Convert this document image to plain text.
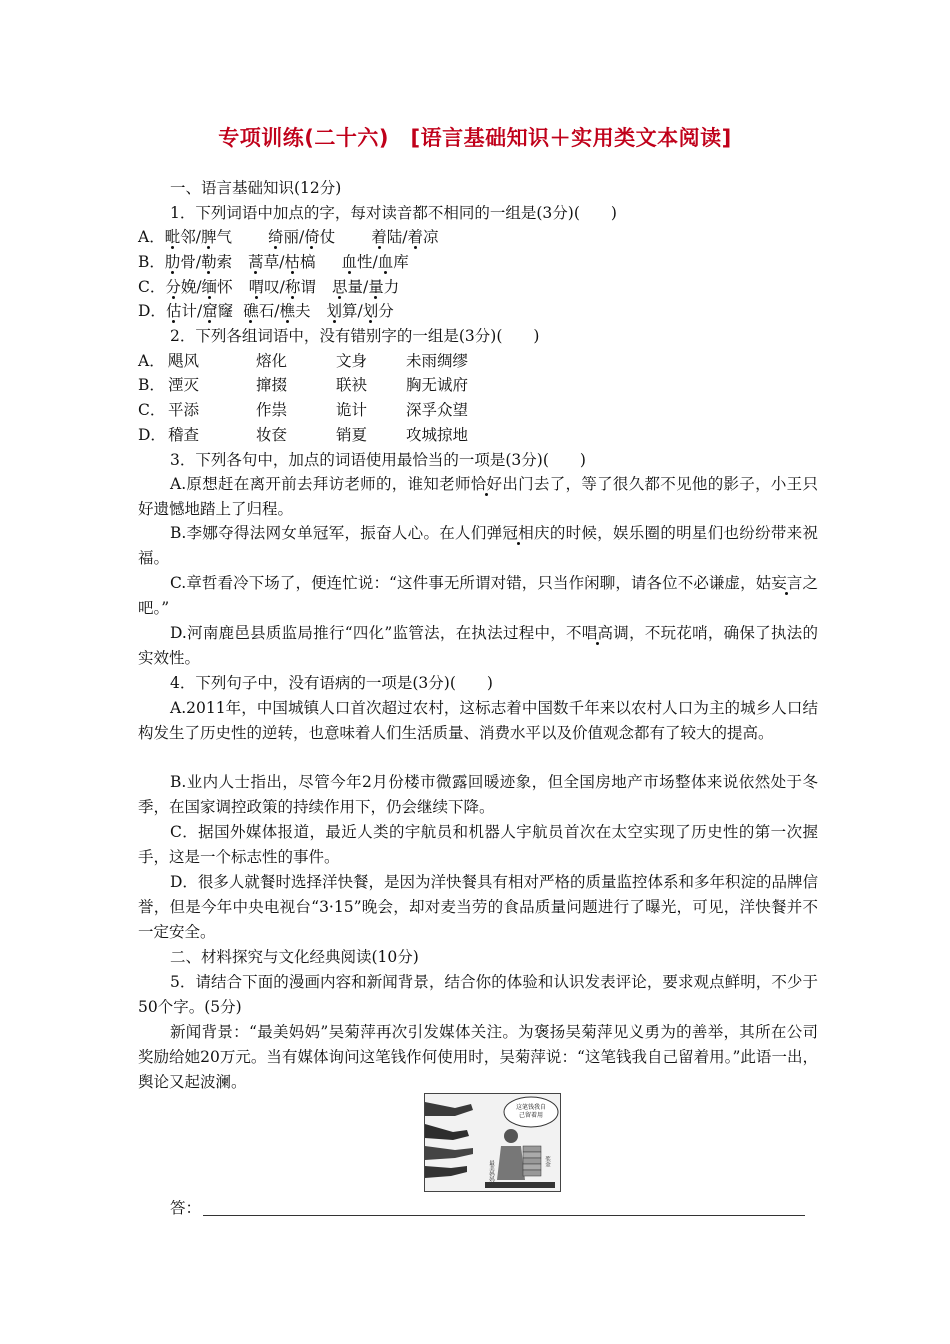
专项训练(二十六)　[语言基础知识＋实用类文本阅读]
一、语言基础知识(12分)
1．下列词语中加点的字，每对读音都不相同的一组是(3分)(　　)
A．毗邻/脾气 绮丽/倚仗 着陆/着凉
B．肋骨/勒索 蒿草/枯槁 血性/血库
C．分娩/缅怀 喟叹/称谓 思量/量力
D．估计/窟窿 礁石/樵夫 划算/划分
2．下列各组词语中，没有错别字的一组是(3分)(　　)
A． 飓风	熔化	文身	未雨绸缪
B． 湮灭	撺掇	联袂	胸无诚府
C． 平添	作祟	诡计	深孚众望
D． 稽查	妆奁	销夏	攻城掠地
3．下列各句中，加点的词语使用最恰当的一项是(3分)(　　)
A.原想赶在离开前去拜访老师的，谁知老师恰好出门去了，等了很久都不见他的影子，小王只好遗憾地踏上了归程。
B.李娜夺得法网女单冠军，振奋人心。在人们弹冠相庆的时候，娱乐圈的明星们也纷纷带来祝福。
C.章哲看冷下场了，便连忙说：“这件事无所谓对错，只当作闲聊，请各位不必谦虚，姑妄言之吧。”
D.河南鹿邑县质监局推行“四化”监管法，在执法过程中，不唱高调，不玩花哨，确保了执法的实效性。
4．下列句子中，没有语病的一项是(3分)(　　)
A.2011年，中国城镇人口首次超过农村，这标志着中国数千年来以农村人口为主的城乡人口结构发生了历史性的逆转，也意味着人们生活质量、消费水平以及价值观念都有了较大的提高。
B.业内人士指出，尽管今年2月份楼市微露回暖迹象，但全国房地产市场整体来说依然处于冬季，在国家调控政策的持续作用下，仍会继续下降。
C．据国外媒体报道，最近人类的宇航员和机器人宇航员首次在太空实现了历史性的第一次握手，这是一个标志性的事件。
D．很多人就餐时选择洋快餐，是因为洋快餐具有相对严格的质量监控体系和多年积淀的品牌信誉，但是今年中央电视台“3·15”晚会，却对麦当劳的食品质量问题进行了曝光，可见，洋快餐并不一定安全。
二、材料探究与文化经典阅读(10分)
5．请结合下面的漫画内容和新闻背景，结合你的体验和认识发表评论，要求观点鲜明，不少于50个字。(5分)
新闻背景：“最美妈妈”吴菊萍再次引发媒体关注。为褒扬吴菊萍见义勇为的善举，其所在公司奖励给她20万元。当有媒体询问这笔钱作何使用时，吴菊萍说：“这笔钱我自己留着用。”此语一出，舆论又起波澜。
这笔钱我自
己留着用
最美妈妈	奖金
答：
